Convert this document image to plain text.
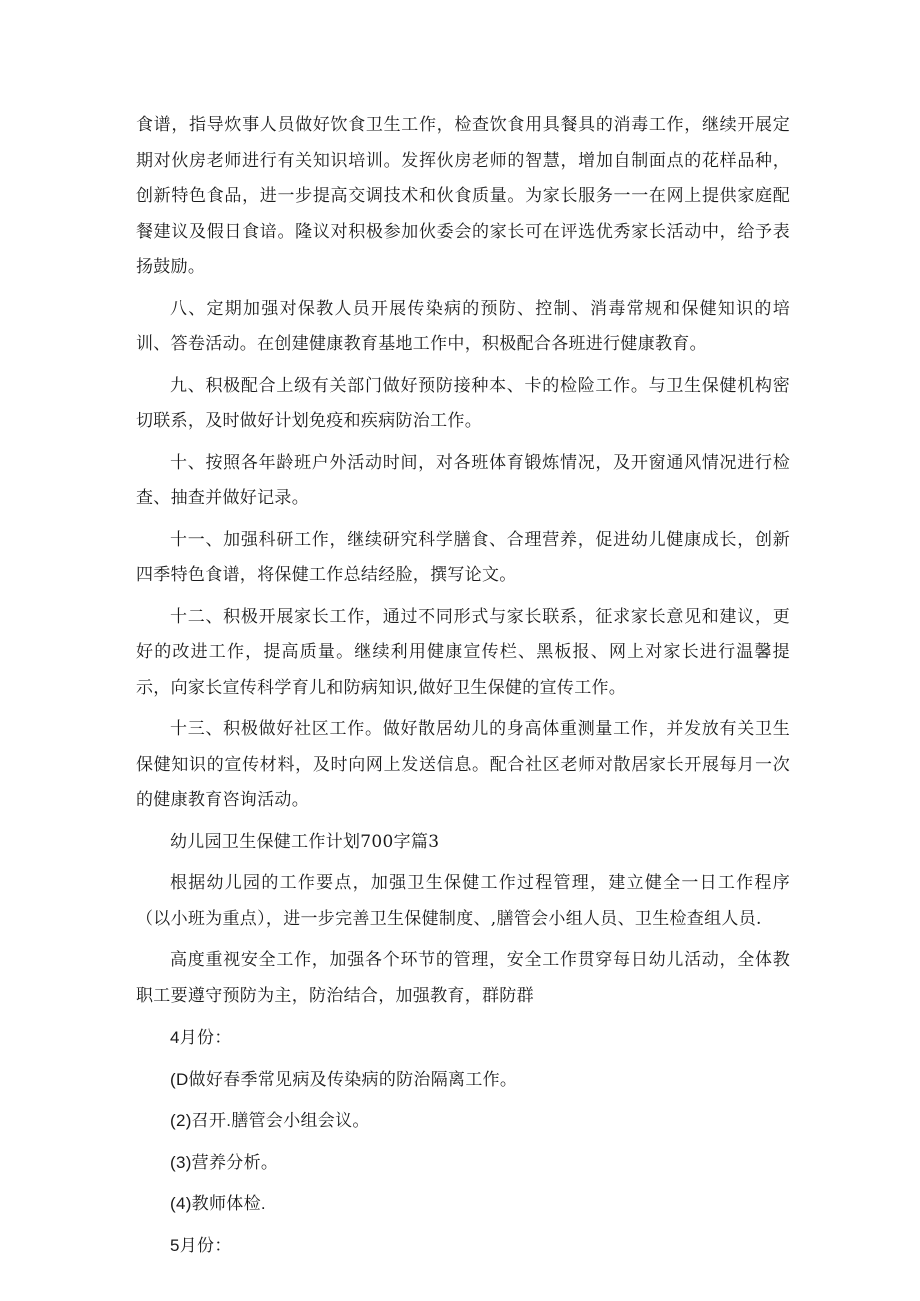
食谱，指导炊事人员做好饮食卫生工作，检查饮食用具餐具的消毒工作，继续开展定期对伙房老师进行有关知识培训。发挥伙房老师的智慧，增加自制面点的花样品种，创新特色食品，进一步提高交调技术和伙食质量。为家长服务一一在网上提供家庭配餐建议及假日食谙。隆议对积极参加伙委会的家长可在评选优秀家长活动中，给予表扬鼓励。

八、定期加强对保教人员开展传染病的预防、控制、消毒常规和保健知识的培训、答卷活动。在创建健康教育基地工作中，积极配合各班进行健康教育。

九、积极配合上级有关部门做好预防接种本、卡的检险工作。与卫生保健机构密切联系，及时做好计划免疫和疾病防治工作。

十、按照各年龄班户外活动时间，对各班体育锻炼情况，及开窗通风情况进行检查、抽查并做好记录。

十一、加强科研工作，继续研究科学膳食、合理营养，促进幼儿健康成长，创新四季特色食谱，将保健工作总结经脸，撰写论文。

十二、积极开展家长工作，通过不同形式与家长联系，征求家长意见和建议，更好的改进工作，提高质量。继续利用健康宣传栏、黑板报、网上对家长进行温馨提示，向家长宣传科学育儿和防病知识,做好卫生保健的宣传工作。

十三、积极做好社区工作。做好散居幼儿的身高体重测量工作，并发放有关卫生保健知识的宣传材料，及时向网上发送信息。配合社区老师对散居家长开展每月一次的健康教育咨询活动。

幼儿园卫生保健工作计划700字篇3

根据幼儿园的工作要点，加强卫生保健工作过程管理，建立健全一日工作程序（以小班为重点），进一步完善卫生保健制度、,膳管会小组人员、卫生检查组人员.

高度重视安全工作，加强各个环节的管理，安全工作贯穿每日幼儿活动，全体教职工要遵守预防为主，防治结合，加强教育，群防群

4月份：

(D做好春季常见病及传染病的防治隔离工作。

(2)召开.膳管会小组会议。

(3)营养分析。

(4)教师体检.

5月份：
